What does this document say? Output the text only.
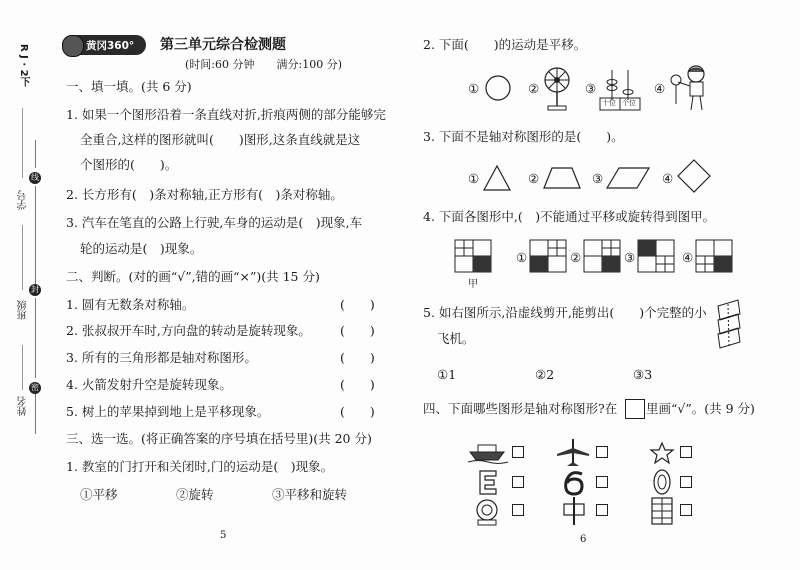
R J · 2下
线
封
密
学号
班级
姓名
黄冈360° 第三单元综合检测题
(时间:60 分钟　　满分:100 分)
一、填一填。(共 6 分)
1. 如果一个图形沿着一条直线对折,折痕两侧的部分能够完
全重合,这样的图形就叫(　　)图形,这条直线就是这
个图形的(　　)。
2. 长方形有(　)条对称轴,正方形有(　)条对称轴。
3. 汽车在笔直的公路上行驶,车身的运动是(　)现象,车
轮的运动是(　)现象。
二、判断。(对的画“√”,错的画“×”)(共 15 分)
1. 圆有无数条对称轴。	(　　)
2. 张叔叔开车时,方向盘的转动是旋转现象。 (　　)
3. 所有的三角形都是轴对称图形。	(　　)
4. 火箭发射升空是旋转现象。	(　　)
5. 树上的苹果掉到地上是平移现象。	(　　)
三、选一选。(将正确答案的序号填在括号里)(共 20 分)
1. 教室的门打开和关闭时,门的运动是(　)现象。
①平移	②旋转	③平移和旋转
5
2. 下面(　　)的运动是平移。
①	②	③
十位 个位
④
3. 下面不是轴对称图形的是(　　)。
①	②	③	④
4. 下面各图形中,(　)不能通过平移或旋转得到图甲。
甲
①	②	③	④
5. 如右图所示,沿虚线剪开,能剪出(　　)个完整的小
飞机。
①1	②2	③3
四、下面哪些图形是轴对称图形?在 里画“√”。(共 9 分)
6
